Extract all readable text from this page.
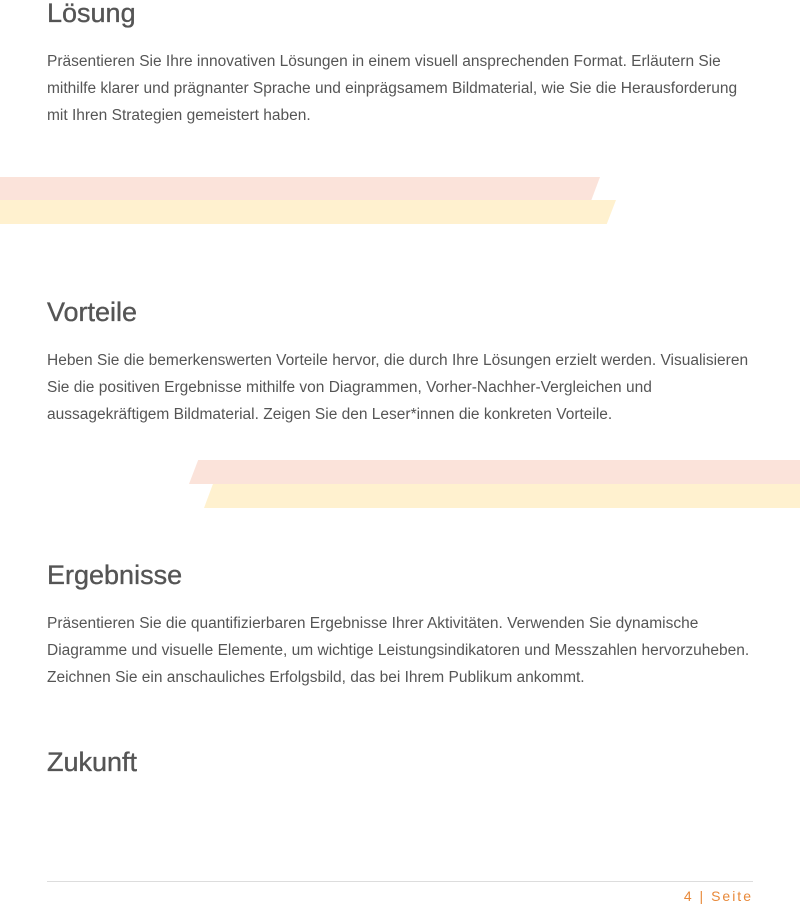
Lösung

Präsentieren Sie Ihre innovativen Lösungen in einem visuell ansprechenden Format. Erläutern Sie mithilfe klarer und prägnanter Sprache und einprägsamem Bildmaterial, wie Sie die Herausforderung mit Ihren Strategien gemeistert haben.

Vorteile

Heben Sie die bemerkenswerten Vorteile hervor, die durch Ihre Lösungen erzielt werden. Visualisieren Sie die positiven Ergebnisse mithilfe von Diagrammen, Vorher-Nachher-Vergleichen und aussagekräftigem Bildmaterial. Zeigen Sie den Leser*innen die konkreten Vorteile.

Ergebnisse

Präsentieren Sie die quantifizierbaren Ergebnisse Ihrer Aktivitäten. Verwenden Sie dynamische Diagramme und visuelle Elemente, um wichtige Leistungsindikatoren und Messzahlen hervorzuheben. Zeichnen Sie ein anschauliches Erfolgsbild, das bei Ihrem Publikum ankommt.

Zukunft
4 | Seite
